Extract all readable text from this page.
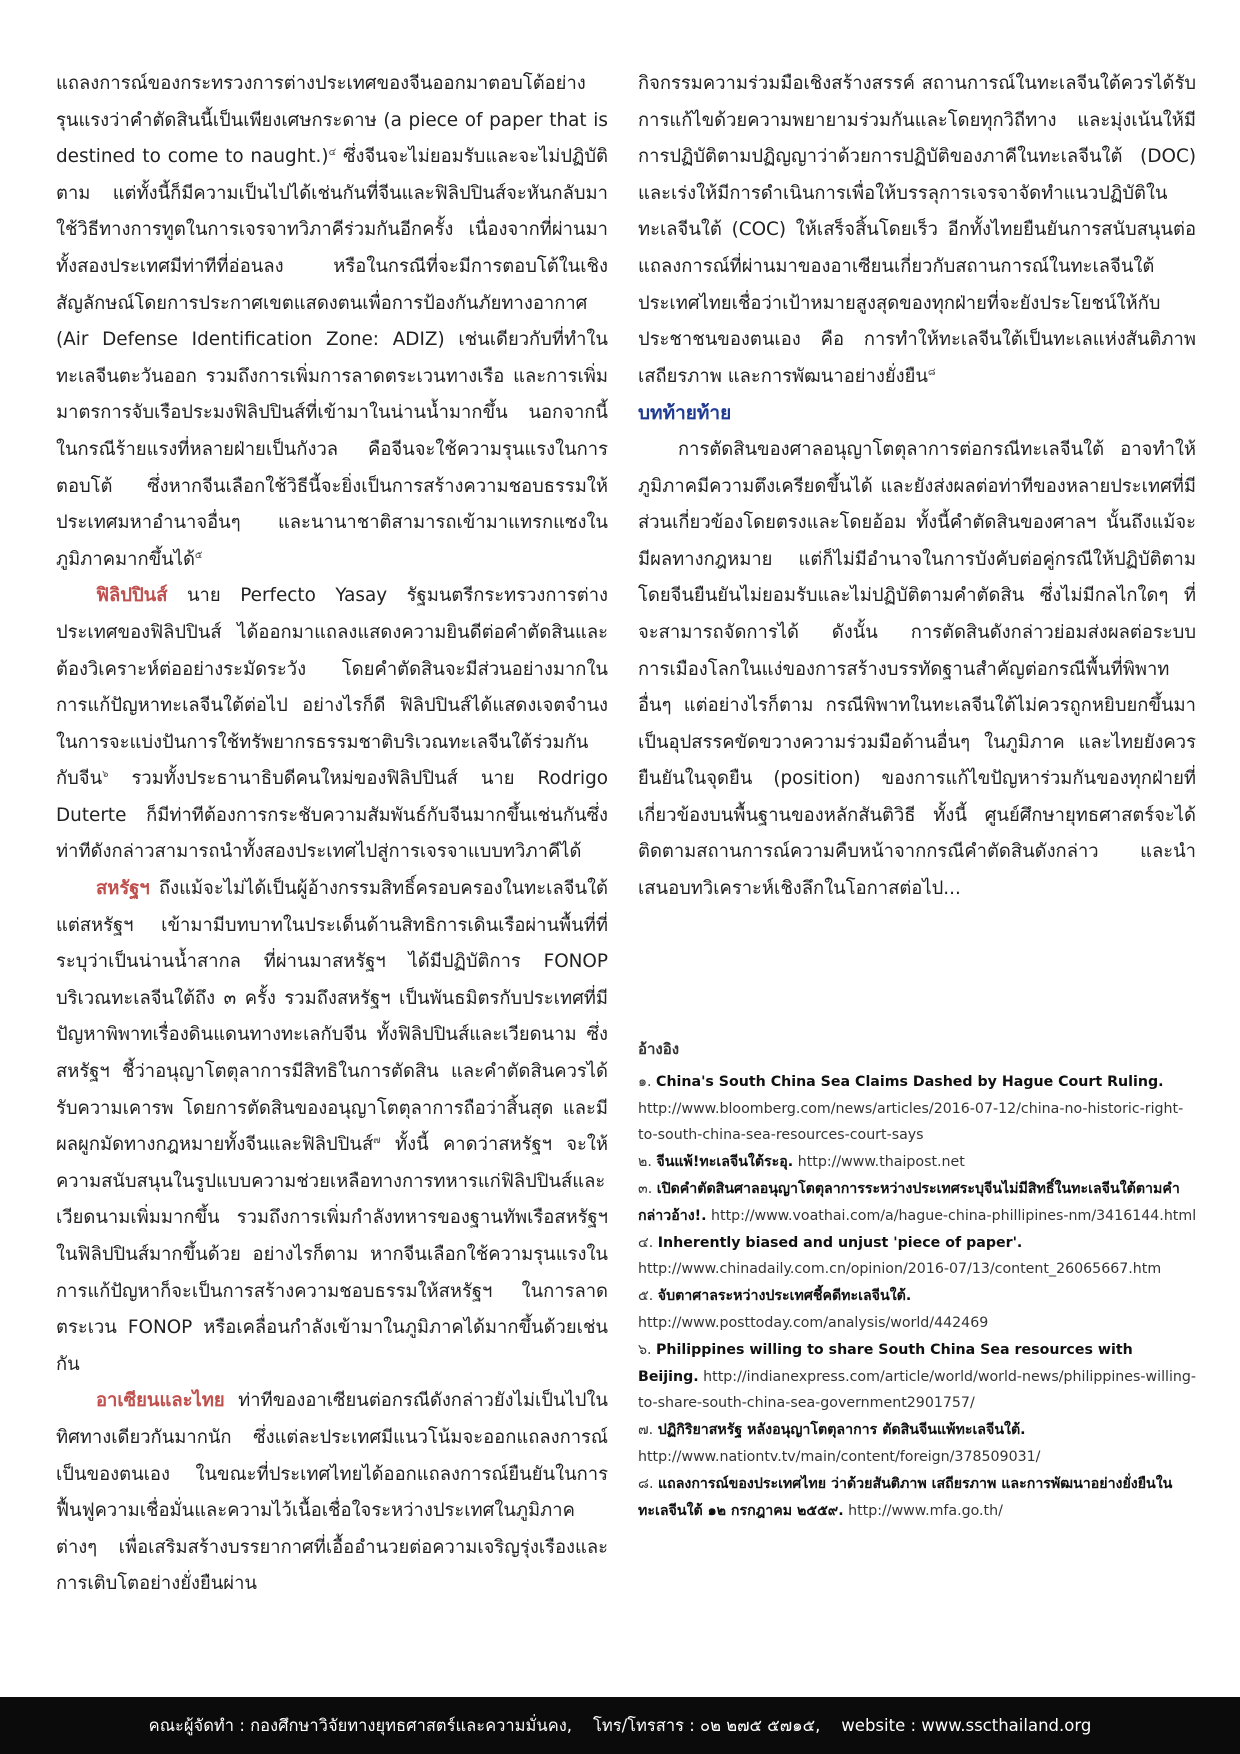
แถลงการณ์ของกระทรวงการต่างประเทศของจีนออกมาตอบโต้อย่างรุนแรงว่าคำตัดสินนี้เป็นเพียงเศษกระดาษ (a piece of paper that is destined to come to naught.)$^๔$ ซึ่งจีนจะไม่ยอมรับและจะไม่ปฏิบัติตาม แต่ทั้งนี้ก็มีความเป็นไปได้เช่นกันที่จีนและฟิลิปปินส์จะหันกลับมาใช้วิธีทางการทูตในการเจรจาทวิภาคีร่วมกันอีกครั้ง เนื่องจากที่ผ่านมาทั้งสองประเทศมีท่าทีที่อ่อนลง หรือในกรณีที่จะมีการตอบโต้ในเชิงสัญลักษณ์โดยการประกาศเขตแสดงตนเพื่อการป้องกันภัยทางอากาศ (Air Defense Identification Zone: ADIZ) เช่นเดียวกับที่ทำในทะเลจีนตะวันออก รวมถึงการเพิ่มการลาดตระเวนทางเรือ และการเพิ่มมาตรการจับเรือประมงฟิลิปปินส์ที่เข้ามาในน่านน้ำมากขึ้น นอกจากนี้ ในกรณีร้ายแรงที่หลายฝ่ายเป็นกังวล คือจีนจะใช้ความรุนแรงในการตอบโต้ ซึ่งหากจีนเลือกใช้วิธีนี้จะยิ่งเป็นการสร้างความชอบธรรมให้ประเทศมหาอำนาจอื่นๆ และนานาชาติสามารถเข้ามาแทรกแซงในภูมิภาคมากขึ้นได้$^๕$

ฟิลิปปินส์ นาย Perfecto Yasay รัฐมนตรีกระทรวงการต่างประเทศของฟิลิปปินส์ ได้ออกมาแถลงแสดงความยินดีต่อคำตัดสินและต้องวิเคราะห์ต่ออย่างระมัดระวัง โดยคำตัดสินจะมีส่วนอย่างมากในการแก้ปัญหาทะเลจีนใต้ต่อไป อย่างไรก็ดี ฟิลิปปินส์ได้แสดงเจตจำนงในการจะแบ่งปันการใช้ทรัพยากรธรรมชาติบริเวณทะเลจีนใต้ร่วมกันกับจีน$^๖$ รวมทั้งประธานาธิบดีคนใหม่ของฟิลิปปินส์ นาย Rodrigo Duterte ก็มีท่าทีต้องการกระชับความสัมพันธ์กับจีนมากขึ้นเช่นกันซึ่งท่าทีดังกล่าวสามารถนำทั้งสองประเทศไปสู่การเจรจาแบบทวิภาคีได้

สหรัฐฯ ถึงแม้จะไม่ได้เป็นผู้อ้างกรรมสิทธิ์ครอบครองในทะเลจีนใต้ แต่สหรัฐฯ เข้ามามีบทบาทในประเด็นด้านสิทธิการเดินเรือผ่านพื้นที่ที่ระบุว่าเป็นน่านน้ำสากล ที่ผ่านมาสหรัฐฯ ได้มีปฏิบัติการ FONOP บริเวณทะเลจีนใต้ถึง ๓ ครั้ง รวมถึงสหรัฐฯ เป็นพันธมิตรกับประเทศที่มีปัญหาพิพาทเรื่องดินแดนทางทะเลกับจีน ทั้งฟิลิปปินส์และเวียดนาม ซึ่งสหรัฐฯ ชี้ว่าอนุญาโตตุลาการมีสิทธิในการตัดสิน และคำตัดสินควรได้รับความเคารพ โดยการตัดสินของอนุญาโตตุลาการถือว่าสิ้นสุด และมีผลผูกมัดทางกฎหมายทั้งจีนและฟิลิปปินส์$^๗$ ทั้งนี้ คาดว่าสหรัฐฯ จะให้ความสนับสนุนในรูปแบบความช่วยเหลือทางการทหารแก่ฟิลิปปินส์และเวียดนามเพิ่มมากขึ้น รวมถึงการเพิ่มกำลังทหารของฐานทัพเรือสหรัฐฯ ในฟิลิปปินส์มากขึ้นด้วย อย่างไรก็ตาม หากจีนเลือกใช้ความรุนแรงในการแก้ปัญหาก็จะเป็นการสร้างความชอบธรรมให้สหรัฐฯ ในการลาดตระเวน FONOP หรือเคลื่อนกำลังเข้ามาในภูมิภาคได้มากขึ้นด้วยเช่นกัน

อาเซียนและไทย ท่าทีของอาเซียนต่อกรณีดังกล่าวยังไม่เป็นไปในทิศทางเดียวกันมากนัก ซึ่งแต่ละประเทศมีแนวโน้มจะออกแถลงการณ์เป็นของตนเอง ในขณะที่ประเทศไทยได้ออกแถลงการณ์ยืนยันในการฟื้นฟูความเชื่อมั่นและความไว้เนื้อเชื่อใจระหว่างประเทศในภูมิภาคต่างๆ เพื่อเสริมสร้างบรรยากาศที่เอื้ออำนวยต่อความเจริญรุ่งเรืองและการเติบโตอย่างยั่งยืนผ่าน

กิจกรรมความร่วมมือเชิงสร้างสรรค์ สถานการณ์ในทะเลจีนใต้ควรได้รับการแก้ไขด้วยความพยายามร่วมกันและโดยทุกวิถีทาง และมุ่งเน้นให้มีการปฏิบัติตามปฏิญญาว่าด้วยการปฏิบัติของภาคีในทะเลจีนใต้ (DOC) และเร่งให้มีการดำเนินการเพื่อให้บรรลุการเจรจาจัดทำแนวปฏิบัติในทะเลจีนใต้ (COC) ให้เสร็จสิ้นโดยเร็ว อีกทั้งไทยยืนยันการสนับสนุนต่อแถลงการณ์ที่ผ่านมาของอาเซียนเกี่ยวกับสถานการณ์ในทะเลจีนใต้ ประเทศไทยเชื่อว่าเป้าหมายสูงสุดของทุกฝ่ายที่จะยังประโยชน์ให้กับประชาชนของตนเอง คือ การทำให้ทะเลจีนใต้เป็นทะเลแห่งสันติภาพ เสถียรภาพ และการพัฒนาอย่างยั่งยืน$^๘$

บทท้ายท้าย

การตัดสินของศาลอนุญาโตตุลาการต่อกรณีทะเลจีนใต้ อาจทำให้ภูมิภาคมีความตึงเครียดขึ้นได้ และยังส่งผลต่อท่าทีของหลายประเทศที่มีส่วนเกี่ยวข้องโดยตรงและโดยอ้อม ทั้งนี้คำตัดสินของศาลฯ นั้นถึงแม้จะมีผลทางกฎหมาย แต่ก็ไม่มีอำนาจในการบังคับต่อคู่กรณีให้ปฏิบัติตาม โดยจีนยืนยันไม่ยอมรับและไม่ปฏิบัติตามคำตัดสิน ซึ่งไม่มีกลไกใดๆ ที่จะสามารถจัดการได้ ดังนั้น การตัดสินดังกล่าวย่อมส่งผลต่อระบบการเมืองโลกในแง่ของการสร้างบรรทัดฐานสำคัญต่อกรณีพื้นที่พิพาทอื่นๆ แต่อย่างไรก็ตาม กรณีพิพาทในทะเลจีนใต้ไม่ควรถูกหยิบยกขึ้นมาเป็นอุปสรรคขัดขวางความร่วมมือด้านอื่นๆ ในภูมิภาค และไทยยังควรยืนยันในจุดยืน (position) ของการแก้ไขปัญหาร่วมกันของทุกฝ่ายที่เกี่ยวข้องบนพื้นฐานของหลักสันติวิธี ทั้งนี้ ศูนย์ศึกษายุทธศาสตร์จะได้ติดตามสถานการณ์ความคืบหน้าจากกรณีคำตัดสินดังกล่าว และนำเสนอบทวิเคราะห์เชิงลึกในโอกาสต่อไป...

อ้างอิง

๑. China's South China Sea Claims Dashed by Hague Court Ruling. http://www.bloomberg.com/news/articles/2016-07-12/china-no-historic-right-to-south-china-sea-resources-court-says

๒. จีนแพ้!ทะเลจีนใต้ระอุ. http://www.thaipost.net

๓. เปิดคำตัดสินศาลอนุญาโตตุลาการระหว่างประเทศระบุจีนไม่มีสิทธิ์ในทะเลจีนใต้ตามคำกล่าวอ้าง!. http://www.voathai.com/a/hague-china-phillipines-nm/3416144.html

๔. Inherently biased and unjust 'piece of paper'. http://www.chinadaily.com.cn/opinion/2016-07/13/content_26065667.htm

๕. จับตาศาลระหว่างประเทศชี้คดีทะเลจีนใต้. http://www.posttoday.com/analysis/world/442469

๖. Philippines willing to share South China Sea resources with Beijing. http://indianexpress.com/article/world/world-news/philippines-willing-to-share-south-china-sea-government2901757/

๗. ปฏิกิริยาสหรัฐ หลังอนุญาโตตุลาการ ตัดสินจีนแพ้ทะเลจีนใต้. http://www.nationtv.tv/main/content/foreign/378509031/

๘. แถลงการณ์ของประเทศไทย ว่าด้วยสันติภาพ เสถียรภาพ และการพัฒนาอย่างยั่งยืนในทะเลจีนใต้ ๑๒ กรกฎาคม ๒๕๕๙. http://www.mfa.go.th/

คณะผู้จัดทำ : กองศึกษาวิจัยทางยุทธศาสตร์และความมั่นคง,    โทร/โทรสาร : ๐๒ ๒๗๕ ๕๗๑๕,    website : www.sscthailand.org
